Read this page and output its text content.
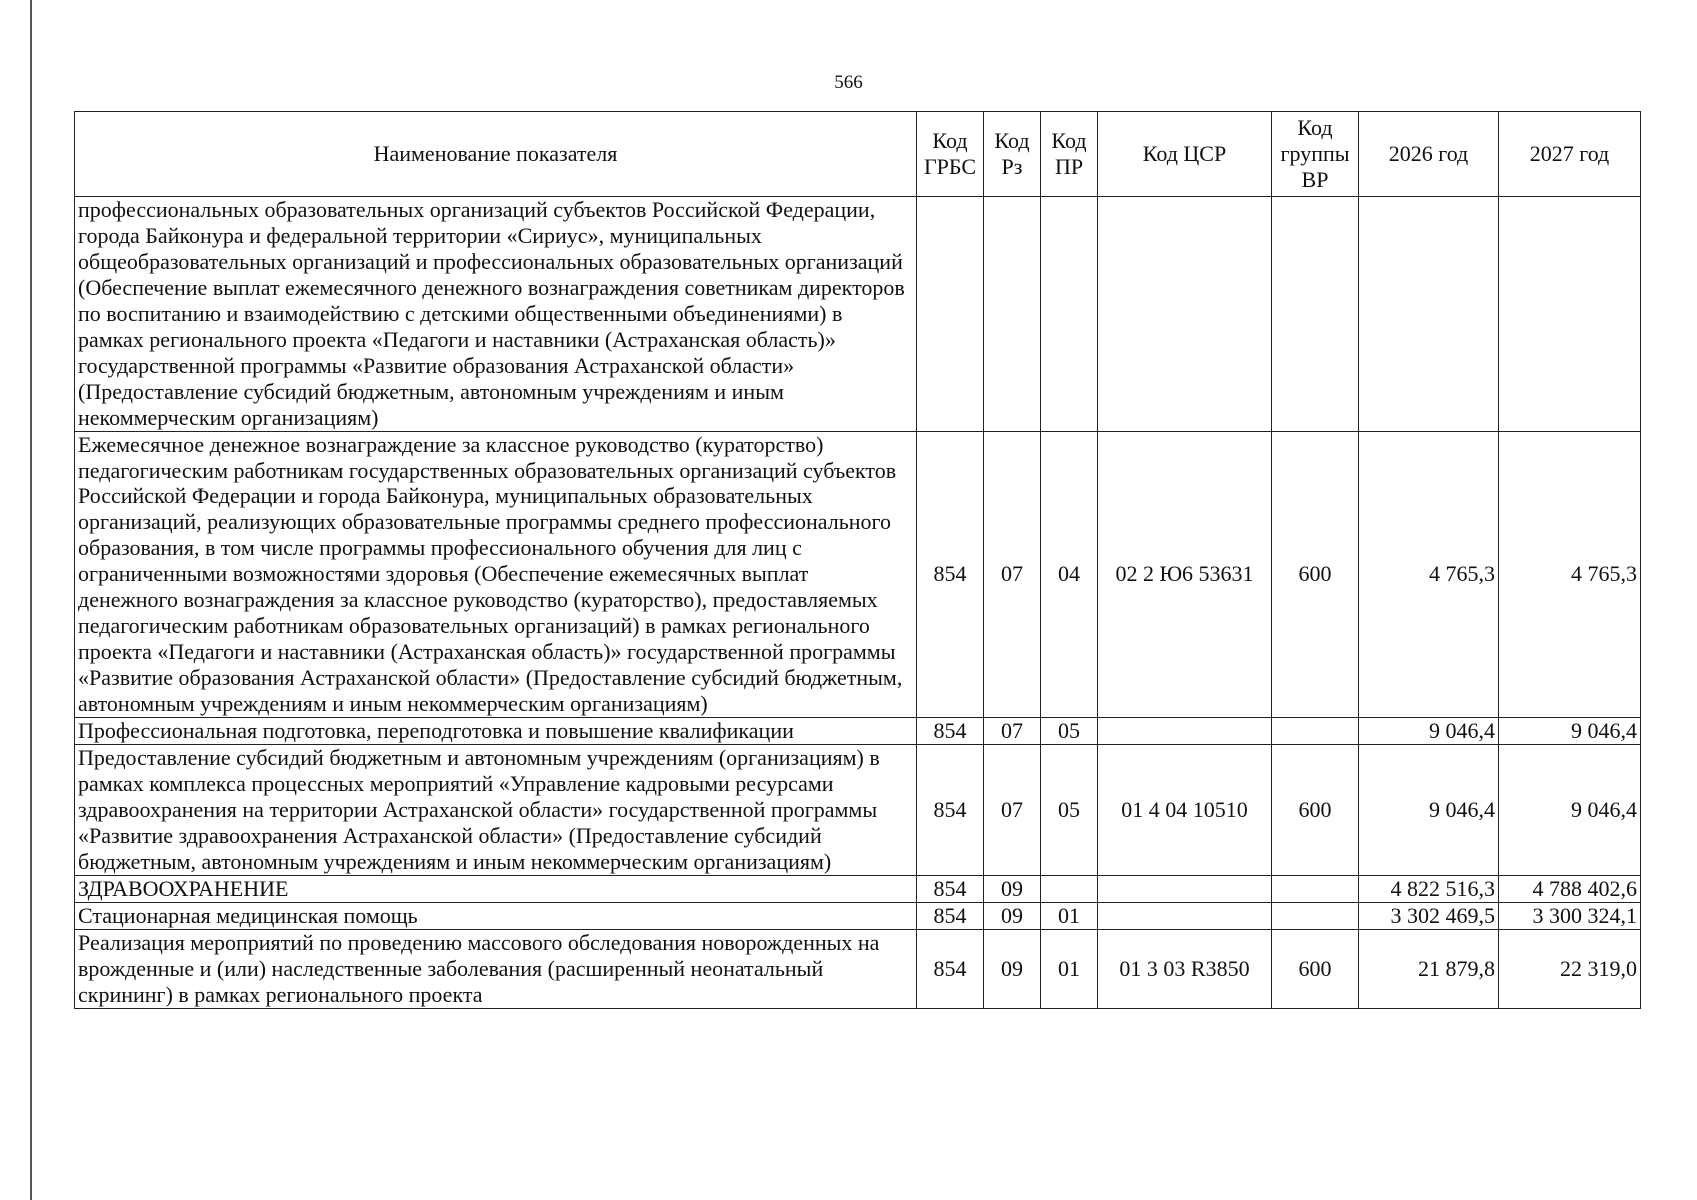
566
Наименование показателя	Код ГРБС	Код Рз	Код ПР	Код ЦСР	Код группы ВР	2026 год	2027 год
профессиональных образовательных организаций субъектов Российской Федерации, города Байконура и федеральной территории «Сириус», муниципальных общеобразовательных организаций и профессиональных образовательных организаций (Обеспечение выплат ежемесячного денежного вознаграждения советникам директоров по воспитанию и взаимодействию с детскими общественными объединениями) в рамках регионального проекта «Педагоги и наставники (Астраханская область)» государственной программы «Развитие образования Астраханской области» (Предоставление субсидий бюджетным, автономным учреждениям и иным некоммерческим организациям)							
Ежемесячное денежное вознаграждение за классное руководство (кураторство) педагогическим работникам государственных образовательных организаций субъектов Российской Федерации и города Байконура, муниципальных образовательных организаций, реализующих образовательные программы среднего профессионального образования, в том числе программы профессионального обучения для лиц с ограниченными возможностями здоровья (Обеспечение ежемесячных выплат денежного вознаграждения за классное руководство (кураторство), предоставляемых педагогическим работникам образовательных организаций) в рамках регионального проекта «Педагоги и наставники (Астраханская область)» государственной программы «Развитие образования Астраханской области» (Предоставление субсидий бюджетным, автономным учреждениям и иным некоммерческим организациям)	854	07	04	02 2 Ю6 53631	600	4 765,3	4 765,3
Профессиональная подготовка, переподготовка и повышение квалификации	854	07	05			9 046,4	9 046,4
Предоставление субсидий бюджетным и автономным учреждениям (организациям) в рамках комплекса процессных мероприятий «Управление кадровыми ресурсами здравоохранения на территории Астраханской области» государственной программы «Развитие здравоохранения Астраханской области» (Предоставление субсидий бюджетным, автономным учреждениям и иным некоммерческим организациям)	854	07	05	01 4 04 10510	600	9 046,4	9 046,4
ЗДРАВООХРАНЕНИЕ	854	09				4 822 516,3	4 788 402,6
Стационарная медицинская помощь	854	09	01			3 302 469,5	3 300 324,1
Реализация мероприятий по проведению массового обследования новорожденных на врожденные и (или) наследственные заболевания (расширенный неонатальный скрининг) в рамках регионального проекта	854	09	01	01 3 03 R3850	600	21 879,8	22 319,0
